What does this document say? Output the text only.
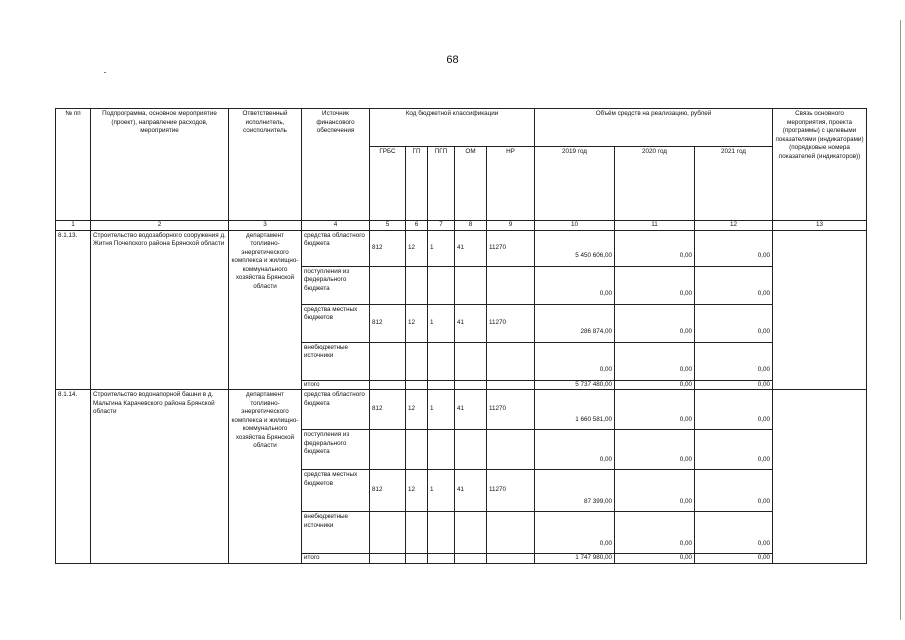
68
№ пп	Подпрограмма, основное мероприятие (проект), направление расходов, мероприятие	Ответственный исполнитель, соисполнитель	Источник финансового обеспечения	Код бюджетной классификации					Объём средств на реализацию, рублей			Связь основного мероприятия, проекта (программы) с целевыми показателями (индикаторами) (порядковые номера показателей (индикаторов))
				ГРБС	ГП	ПГП	ОМ	НР	2019 год	2020 год	2021 год	
1	2	3	4	5	6	7	8	9	10	11	12	13
8.1.13.	Строительство водозаборного сооружения д. Житня Почепского района Брянской области	департамент топливно-энергетического комплекса и жилищно-коммунального хозяйства Брянской области	средства областного бюджета	812	12	1	41	11270	5 450 606,00	0,00	0,00	
			поступления из федерального бюджета						0,00	0,00	0,00	
			средства местных бюджетов	812	12	1	41	11270	286 874,00	0,00	0,00	
			внебюджетные источники						0,00	0,00	0,00	
			итого						5 737 480,00	0,00	0,00	
8.1.14.	Строительство водонапорной башни в д. Мальтина Карачевского района Брянской области	департамент топливно-энергетического комплекса и жилищно-коммунального хозяйства Брянской области	средства областного бюджета	812	12	1	41	11270	1 660 581,00	0,00	0,00	
			поступления из федерального бюджета						0,00	0,00	0,00	
			средства местных бюджетов	812	12	1	41	11270	87 399,00	0,00	0,00	
			внебюджетные источники						0,00	0,00	0,00	
			итого						1 747 980,00	0,00	0,00	
